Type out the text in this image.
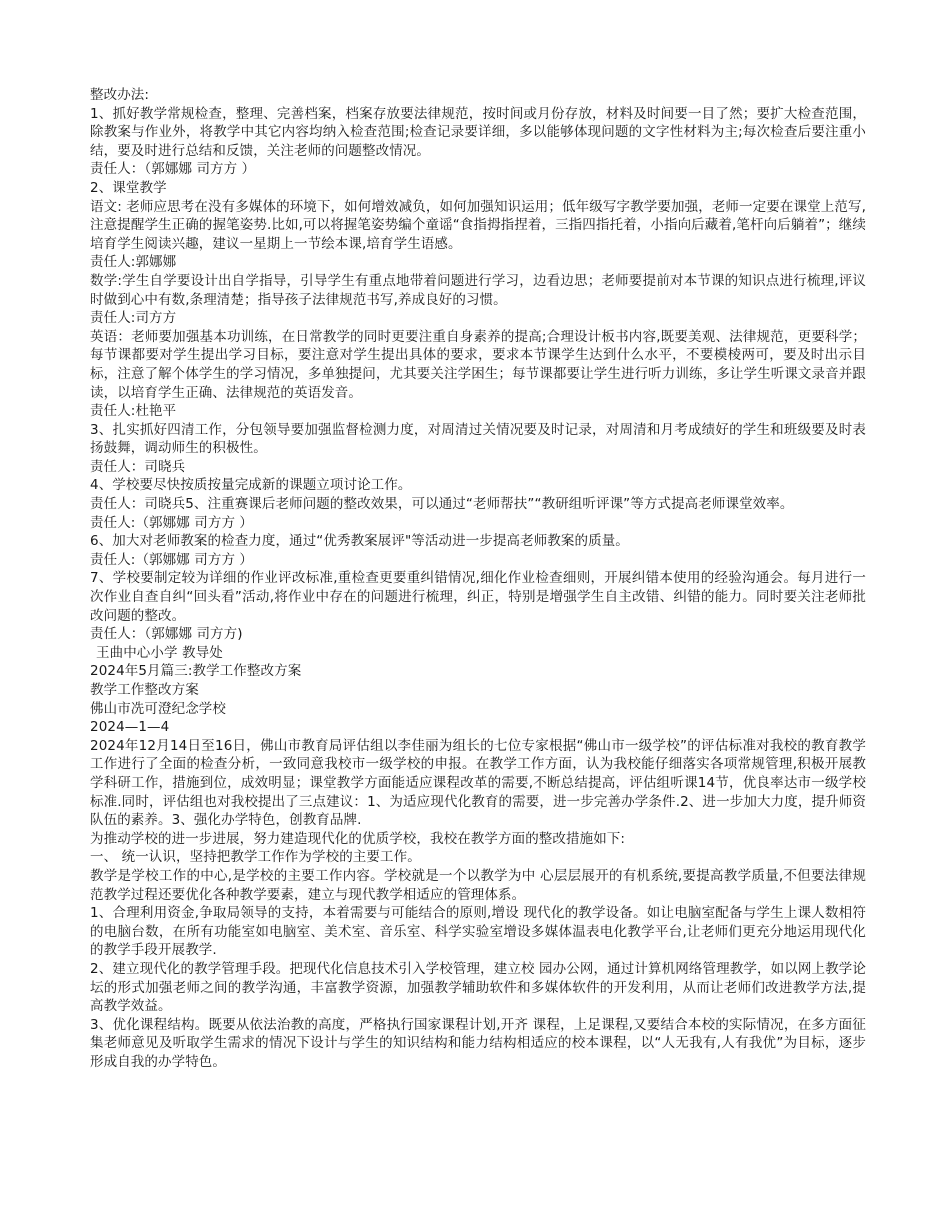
整改办法:

1、抓好教学常规检查，整理、完善档案，档案存放要法律规范，按时间或月份存放，材料及时间要一目了然；要扩大检查范围，除教案与作业外，将教学中其它内容均纳入检查范围;检查记录要详细，多以能够体现问题的文字性材料为主;每次检查后要注重小结，要及时进行总结和反馈，关注老师的问题整改情况。

责任人：（郭娜娜 司方方 ）

2、课堂教学

语文: 老师应思考在没有多媒体的环境下，如何增效减负，如何加强知识运用；低年级写字教学要加强，老师一定要在课堂上范写,注意提醒学生正确的握笔姿势.比如,可以将握笔姿势编个童谣“食指拇指捏着，三指四指托着，小指向后藏着,笔杆向后躺着”；继续培育学生阅读兴趣，建议一星期上一节绘本课,培育学生语感。

责任人:郭娜娜

数学:学生自学要设计出自学指导，引导学生有重点地带着问题进行学习，边看边思；老师要提前对本节课的知识点进行梳理,评议时做到心中有数,条理清楚；指导孩子法律规范书写,养成良好的习惯。

责任人:司方方

英语：老师要加强基本功训练，在日常教学的同时更要注重自身素养的提高;合理设计板书内容,既要美观、法律规范，更要科学；每节课都要对学生提出学习目标，要注意对学生提出具体的要求，要求本节课学生达到什么水平，不要模棱两可，要及时出示目标，注意了解个体学生的学习情况，多单独提问，尤其要关注学困生；每节课都要让学生进行听力训练，多让学生听课文录音并跟读，以培育学生正确、法律规范的英语发音。

责任人:杜艳平

3、扎实抓好四清工作，分包领导要加强监督检测力度，对周清过关情况要及时记录，对周清和月考成绩好的学生和班级要及时表扬鼓舞，调动师生的积极性。

责任人：司晓兵

4、学校要尽快按质按量完成新的课题立项讨论工作。

责任人：司晓兵5、注重赛课后老师问题的整改效果，可以通过“老师帮扶”“教研组听评课”等方式提高老师课堂效率。

责任人:（郭娜娜 司方方 ）

6、加大对老师教案的检查力度，通过“优秀教案展评"等活动进一步提高老师教案的质量。

责任人:（郭娜娜 司方方 ）

7、学校要制定较为详细的作业评改标准,重检查更要重纠错情况,细化作业检查细则，开展纠错本使用的经验沟通会。每月进行一次作业自查自纠“回头看”活动,将作业中存在的问题进行梳理，纠正，特别是增强学生自主改错、纠错的能力。同时要关注老师批改问题的整改。

责任人：（郭娜娜 司方方)

王曲中心小学 教导处

2024年5月篇三:教学工作整改方案

教学工作整改方案

佛山市冼可澄纪念学校

2024—1—4

2024年12月14日至16日，佛山市教育局评估组以李佳丽为组长的七位专家根据“佛山市一级学校”的评估标准对我校的教育教学工作进行了全面的检查分析，一致同意我校市一级学校的申报。在教学工作方面，认为我校能仔细落实各项常规管理,积极开展教学科研工作，措施到位，成效明显；课堂教学方面能适应课程改革的需要,不断总结提高，评估组听课14节，优良率达市一级学校标准.同时，评估组也对我校提出了三点建议：1、为适应现代化教育的需要，进一步完善办学条件.2、进一步加大力度，提升师资队伍的素养。3、强化办学特色，创教育品牌.

为推动学校的进一步进展，努力建造现代化的优质学校，我校在教学方面的整改措施如下:

一、 统一认识，坚持把教学工作作为学校的主要工作。

教学是学校工作的中心,是学校的主要工作内容。学校就是一个以教学为中 心层层展开的有机系统,要提高教学质量,不但要法律规范教学过程还要优化各种教学要素，建立与现代教学相适应的管理体系。

1、合理利用资金,争取局领导的支持，本着需要与可能结合的原则,增设 现代化的教学设备。如让电脑室配备与学生上课人数相符的电脑台数，在所有功能室如电脑室、美术室、音乐室、科学实验室增设多媒体温表电化教学平台,让老师们更充分地运用现代化的教学手段开展教学.

2、建立现代化的教学管理手段。把现代化信息技术引入学校管理，建立校 园办公网，通过计算机网络管理教学，如以网上教学论坛的形式加强老师之间的教学沟通，丰富教学资源，加强教学辅助软件和多媒体软件的开发利用，从而让老师们改进教学方法,提高教学效益。

3、优化课程结构。既要从依法治教的高度，严格执行国家课程计划,开齐 课程，上足课程,又要结合本校的实际情况，在多方面征集老师意见及听取学生需求的情况下设计与学生的知识结构和能力结构相适应的校本课程，以“人无我有,人有我优”为目标，逐步形成自我的办学特色。
